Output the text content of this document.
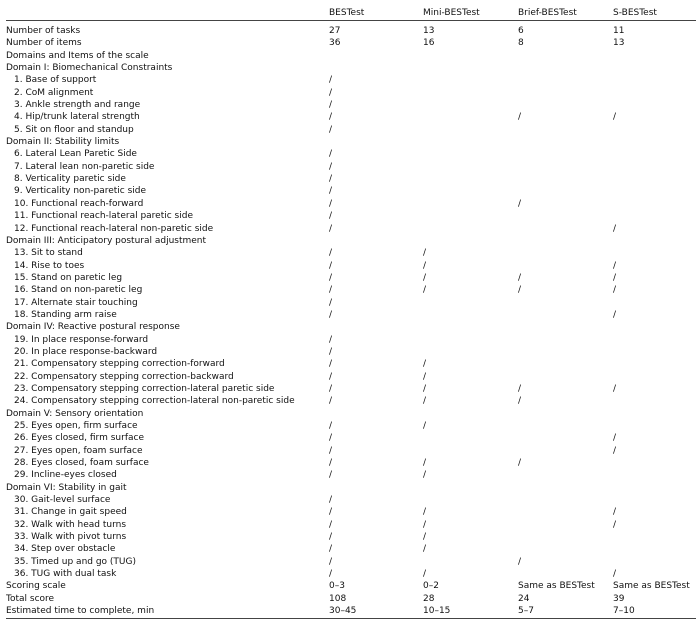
	BESTest	Mini-BESTest	Brief-BESTest	S-BESTest

Number of tasks	27	13	6	11
Number of items	36	16	8	13
Domains and Items of the scale				
Domain I: Biomechanical Constraints				
1. Base of support	/			
2. CoM alignment	/			
3. Ankle strength and range	/			
4. Hip/trunk lateral strength	/		/	/
5. Sit on floor and standup	/			
Domain II: Stability limits				
6. Lateral Lean Paretic Side	/			
7. Lateral lean non-paretic side	/			
8. Verticality paretic side	/			
9. Verticality non-paretic side	/			
10. Functional reach-forward	/		/	
11. Functional reach-lateral paretic side	/			
12. Functional reach-lateral non-paretic side	/			/
Domain III: Anticipatory postural adjustment				
13. Sit to stand	/	/		
14. Rise to toes	/	/		/
15. Stand on paretic leg	/	/	/	/
16. Stand on non-paretic leg	/	/	/	/
17. Alternate stair touching	/			
18. Standing arm raise	/			/
Domain IV: Reactive postural response				
19. In place response-forward	/			
20. In place response-backward	/			
21. Compensatory stepping correction-forward	/	/		
22. Compensatory stepping correction-backward	/	/		
23. Compensatory stepping correction-lateral paretic side	/	/	/	/
24. Compensatory stepping correction-lateral non-paretic side	/	/	/	
Domain V: Sensory orientation				
25. Eyes open, firm surface	/	/		
26. Eyes closed, firm surface	/			/
27. Eyes open, foam surface	/			/
28. Eyes closed, foam surface	/	/	/	
29. Incline-eyes closed	/	/		
Domain VI: Stability in gait				
30. Gait-level surface	/			
31. Change in gait speed	/	/		/
32. Walk with head turns	/	/		/
33. Walk with pivot turns	/	/		
34. Step over obstacle	/	/		
35. Timed up and go (TUG)	/		/	
36. TUG with dual task	/	/		/
Scoring scale	0–3	0–2	Same as BESTest	Same as BESTest
Total score	108	28	24	39
Estimated time to complete, min	30–45	10–15	5–7	7–10
